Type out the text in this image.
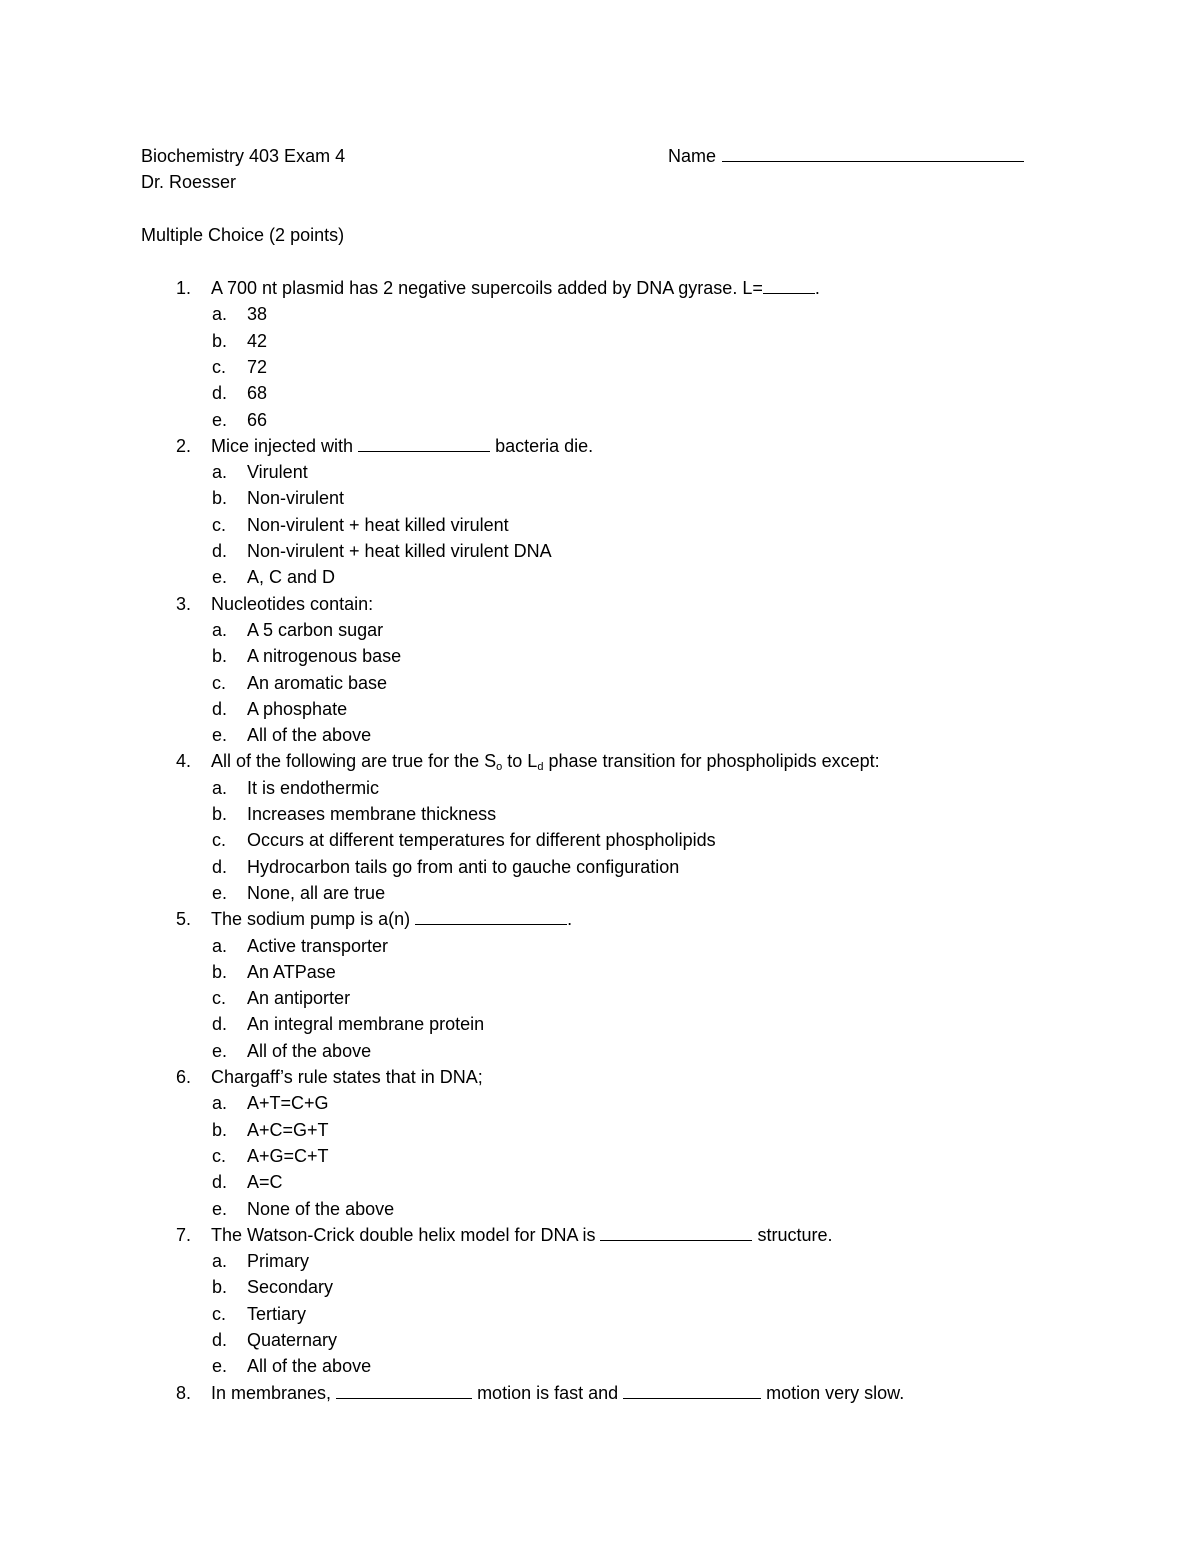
Biochemistry 403 Exam 4	Name
Dr. Roesser
Multiple Choice (2 points)
1.	A 700 nt plasmid has 2 negative supercoils added by DNA gyrase. L=	.
a.	38
b.	42
c.	72
d.	68
e.	66
2.	Mice injected with	bacteria die.
a.	Virulent
b.	Non-virulent
c.	Non-virulent + heat killed virulent
d.	Non-virulent + heat killed virulent DNA
e.	A, C and D
3.	Nucleotides contain:
a.	A 5 carbon sugar
b.	A nitrogenous base
c.	An aromatic base
d.	A phosphate
e.	All of the above
4.	All of the following are true for the $S_o$ to $L_d$ phase transition for phospholipids except:
a.	It is endothermic
b.	Increases membrane thickness
c.	Occurs at different temperatures for different phospholipids
d.	Hydrocarbon tails go from anti to gauche configuration
e.	None, all are true
5.	The sodium pump is a(n)	.
a.	Active transporter
b.	An ATPase
c.	An antiporter
d.	An integral membrane protein
e.	All of the above
6.	Chargaff’s rule states that in DNA;
a.	A+T=C+G
b.	A+C=G+T
c.	A+G=C+T
d.	A=C
e.	None of the above
7.	The Watson-Crick double helix model for DNA is	structure.
a.	Primary
b.	Secondary
c.	Tertiary
d.	Quaternary
e.	All of the above
8.	In membranes,	motion is fast and	motion very slow.
